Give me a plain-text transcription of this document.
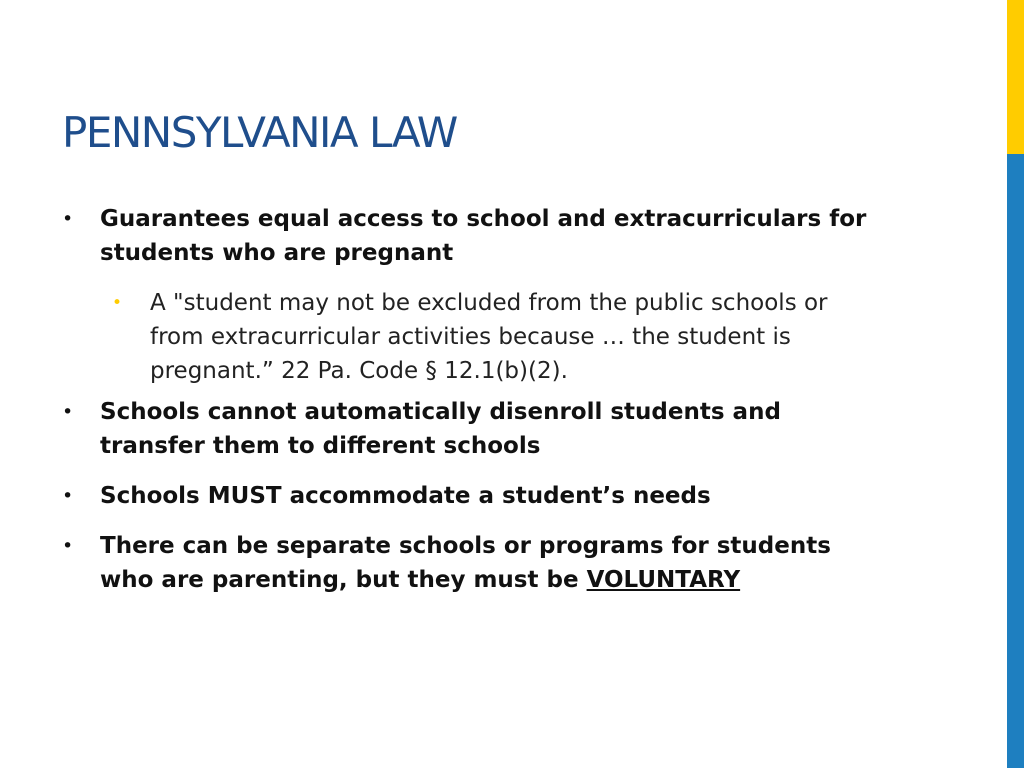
PENNSYLVANIA LAW
•	Guarantees equal access to school and extracurriculars for students who are pregnant
• A "student may not be excluded from the public schools or from extracurricular activities because … the student is pregnant.” 22 Pa. Code § 12.1(b)(2).
•	Schools cannot automatically disenroll students and transfer them to different schools
•	Schools MUST accommodate a student’s needs
•	There can be separate schools or programs for students who are parenting, but they must be VOLUNTARY
